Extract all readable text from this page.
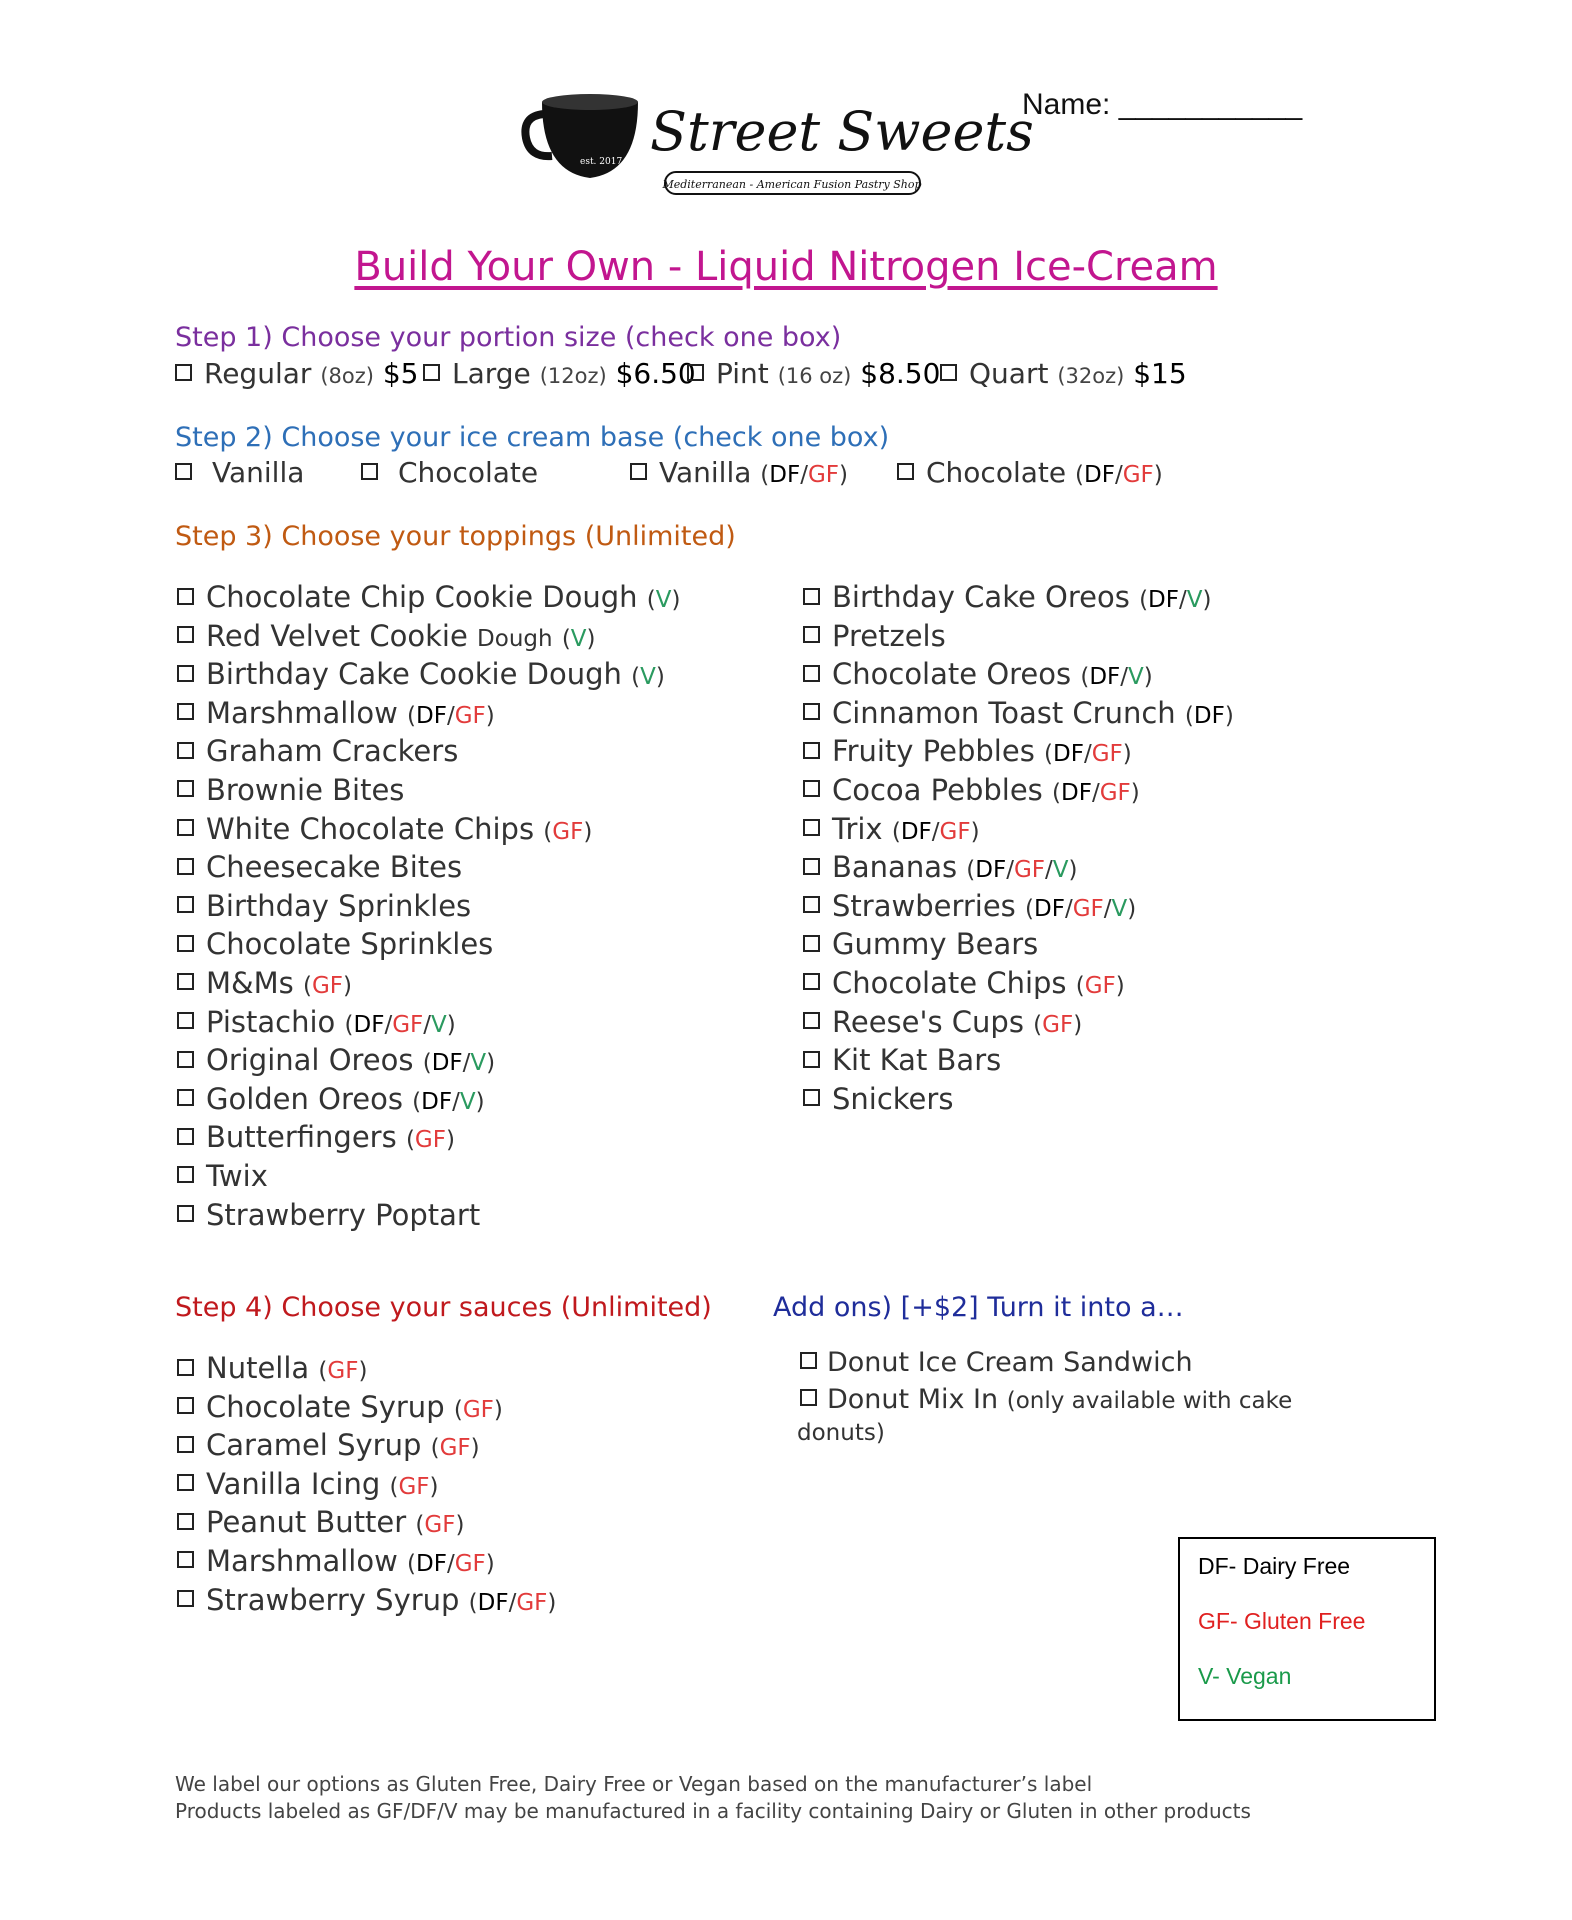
est. 2017 Street Sweets
Mediterranean - American Fusion Pastry Shop
Name: ___________
Build Your Own - Liquid Nitrogen Ice-Cream
Step 1) Choose your portion size (check one box)
Regular (8oz) $5	Large (12oz) $6.50 Pint (16 oz) $8.50	Quart (32oz) $15
Step 2) Choose your ice cream base (check one box)
Vanilla	Chocolate	Vanilla (DF/GF)	Chocolate (DF/GF)
Step 3) Choose your toppings (Unlimited)
Chocolate Chip Cookie Dough (V)
Red Velvet Cookie Dough (V)
Birthday Cake Cookie Dough (V)
Marshmallow (DF/GF)
Graham Crackers
Brownie Bites
White Chocolate Chips (GF)
Cheesecake Bites
Birthday Sprinkles
Chocolate Sprinkles
M&Ms (GF)
Pistachio (DF/GF/V)
Original Oreos (DF/V)
Golden Oreos (DF/V)
Butterfingers (GF)
Twix
Strawberry Poptart
Birthday Cake Oreos (DF/V)
Pretzels
Chocolate Oreos (DF/V)
Cinnamon Toast Crunch (DF)
Fruity Pebbles (DF/GF)
Cocoa Pebbles (DF/GF)
Trix (DF/GF)
Bananas (DF/GF/V)
Strawberries (DF/GF/V)
Gummy Bears
Chocolate Chips (GF)
Reese's Cups (GF)
Kit Kat Bars
Snickers
Step 4) Choose your sauces (Unlimited)
Nutella (GF)
Chocolate Syrup (GF)
Caramel Syrup (GF)
Vanilla Icing (GF)
Peanut Butter (GF)
Marshmallow (DF/GF)
Strawberry Syrup (DF/GF)
Add ons) [+$2] Turn it into a…
Donut Ice Cream Sandwich
Donut Mix In (only available with cake
donuts)
DF- Dairy Free
GF- Gluten Free
V- Vegan
We label our options as Gluten Free, Dairy Free or Vegan based on the manufacturer’s label
Products labeled as GF/DF/V may be manufactured in a facility containing Dairy or Gluten in other products
